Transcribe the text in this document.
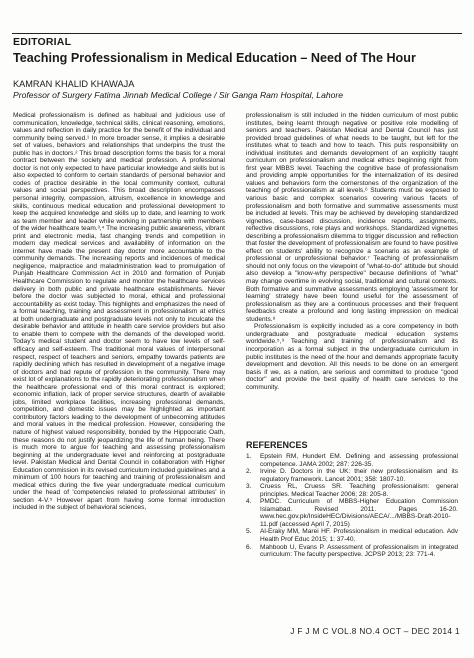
EDITORIAL
Teaching Professionalism in Medical Education – Need of The Hour
KAMRAN KHALID KHAWAJA
Professor of Surgery Fatima Jinnah Medical College / Sir Ganga Ram Hospital, Lahore

Medical professionalism is defined as habitual and judicious use of communication, knowledge, technical skills, clinical reasoning, emotions, values and reflection in daily practice for the benefit of the individual and community being served.¹ In more broader sense, it implies a desirable set of values, behaviors and relationships that underpins the trust the public has in doctors.² This broad description forms the basis for a moral contract between the society and medical profession. A professional doctor is not only expected to have particular knowledge and skills but is also expected to conform to certain standards of personal behavior and codes of practice desirable in the local community context, cultural values and social perspectives. This broad description encompasses personal integrity, compassion, altruism, excellence in knowledge and skills, continuous medical education and professional development to keep the acquired knowledge and skills up to date, and learning to work as team member and leader while working in partnership with members of the wider healthcare team.³,⁴ The increasing public awareness, vibrant print and electronic media, fast changing trends and competition in modern day medical services and availability of information on the internet have made the present day doctor more accountable to the community demands. The increasing reports and incidences of medical negligence, malpractice and maladministration lead to promulgation of Punjab Healthcare Commission Act in 2010 and formation of Punjab Healthcare Commission to regulate and monitor the healthcare services delivery in both public and private healthcare establishments. Never before the doctor was subjected to moral, ethical and professional accountability as exist today. This highlights and emphasizes the need of a formal teaching, training and assessment in professionalism at ethics at both undergraduate and postgraduate levels not only to inculcate the desirable behavior and attitude in health care service providers but also to enable them to compete with the demands of the developed world. Today's medical student and doctor seem to have low levels of self-efficacy and self-esteem. The traditional moral values of interpersonal respect, respect of teachers and seniors, empathy towards patients are rapidly declining which has resulted in development of a negative image of doctors and bad repute of profession in the community. There may exist lot of explanations to the rapidly deteriorating professionalism when the healthcare professional end of this moral contract is explored; economic inflation, lack of proper service structures, dearth of available jobs, limited workplace facilities, increasing professional demands, competition, and domestic issues may be highlighted as important contributory factors leading to the development of unbecoming attitudes and moral values in the medical profession. However, considering the nature of highest valued responsibility, bonded by the Hippocratic Oath, these reasons do not justify jeopardizing the life of human being. There is much more to argue for teaching and assessing professionalism beginning at the undergraduate level and reinforcing at postgraduate level. Pakistan Medical and Dental Council in collaboration with Higher Education commission in its revised curriculum included guidelines and a minimum of 100 hours for teaching and training of professionalism and medical ethics during the five year undergraduate medical curriculum under the head of 'competencies related to professional attributes' in section 4-V.⁵ However apart from having some formal introduction included in the subject of behavioral sciences,

professionalism is still included in the hidden curriculum of most public institutes, being learnt through negative or positive role modelling of seniors and teachers. Pakistan Medical and Dental Council has just provided broad guidelines of what needs to be taught, but left for the institutes what to teach and how to teach. This puts responsibility on individual institutes and demands development of an explicitly taught curriculum on professionalism and medical ethics beginning right from first year MBBS level. Teaching the cognitive base of professionalism and providing ample opportunities for the internalization of its desired values and behaviors form the cornerstones of the organization of the teaching of professionalism at all levels.⁶ Students must be exposed to various basic and complex scenarios covering various facets of professionalism and both formative and summative assessments must be included at levels. This may be achieved by developing standardized vignettes, case-based discussion, incidence reports, assignments, reflective discussions, role plays and workshops. Standardized vignettes describing a professionalism dilemma to trigger discussion and reflection that foster the development of professionalism are found to have positive effect on students' ability to recognize a scenario as an example of professional or unprofessional behavior.⁷ Teaching of professionalism should not only focus on the viewpoint of "what-to-do" attitude but should also develop a "know-why perspective" because definitions of "what" may change overtime in evolving social, traditional and cultural contexts. Both formative and summative assessments employing 'assessment for learning' strategy have been found useful for the assessment of professionalism as they are a continuous processes and their frequent feedbacks create a profound and long lasting impression on medical students.⁸

Professionalism is explicitly included as a core competency in both undergraduate and postgraduate medical education systems worldwide.⁵,⁹ Teaching and training of professionalism and its incorporation as a formal subject in the undergraduate curriculum in public institutes is the need of the hour and demands appropriate faculty development and devotion. All this needs to be done on an emergent basis if we, as a nation, are serious and committed to produce "good doctor" and provide the best quality of health care services to the community.

REFERENCES
1.	Epstein RM, Hundert EM. Defining and assessing professional competence. JAMA 2002; 287: 226-35.
2.	Irvine D. Doctors in the UK: their new professionalism and its regulatory framework. Lancet 2001; 358: 1807-10.
3.	Cruess RL, Cruess SR. Teaching professionalism: general principles. Medical Teacher 2006; 28: 205-8.
4.	PMDC. Curriculum of MBBS-Higher Education Commission Islamabad. Revised 2011. Pages 16-20. www.hec.gov.pk/InsideHEC/Divisions/AECA/.../MBBS-Draft-2010-11.pdf (accessed April 7, 2015)
5.	Al-Eraky MM, Marei HF. Professionalism in medical education. Adv Health Prof Educ 2015; 1: 37-40.
6.	Mahboob U, Evans P. Assessment of professionalism in integrated curriculum: The faculty perspective. JCPSP 2013; 23: 771-4.
J F J M C VOL.8 NO.4 OCT – DEC 2014 1
